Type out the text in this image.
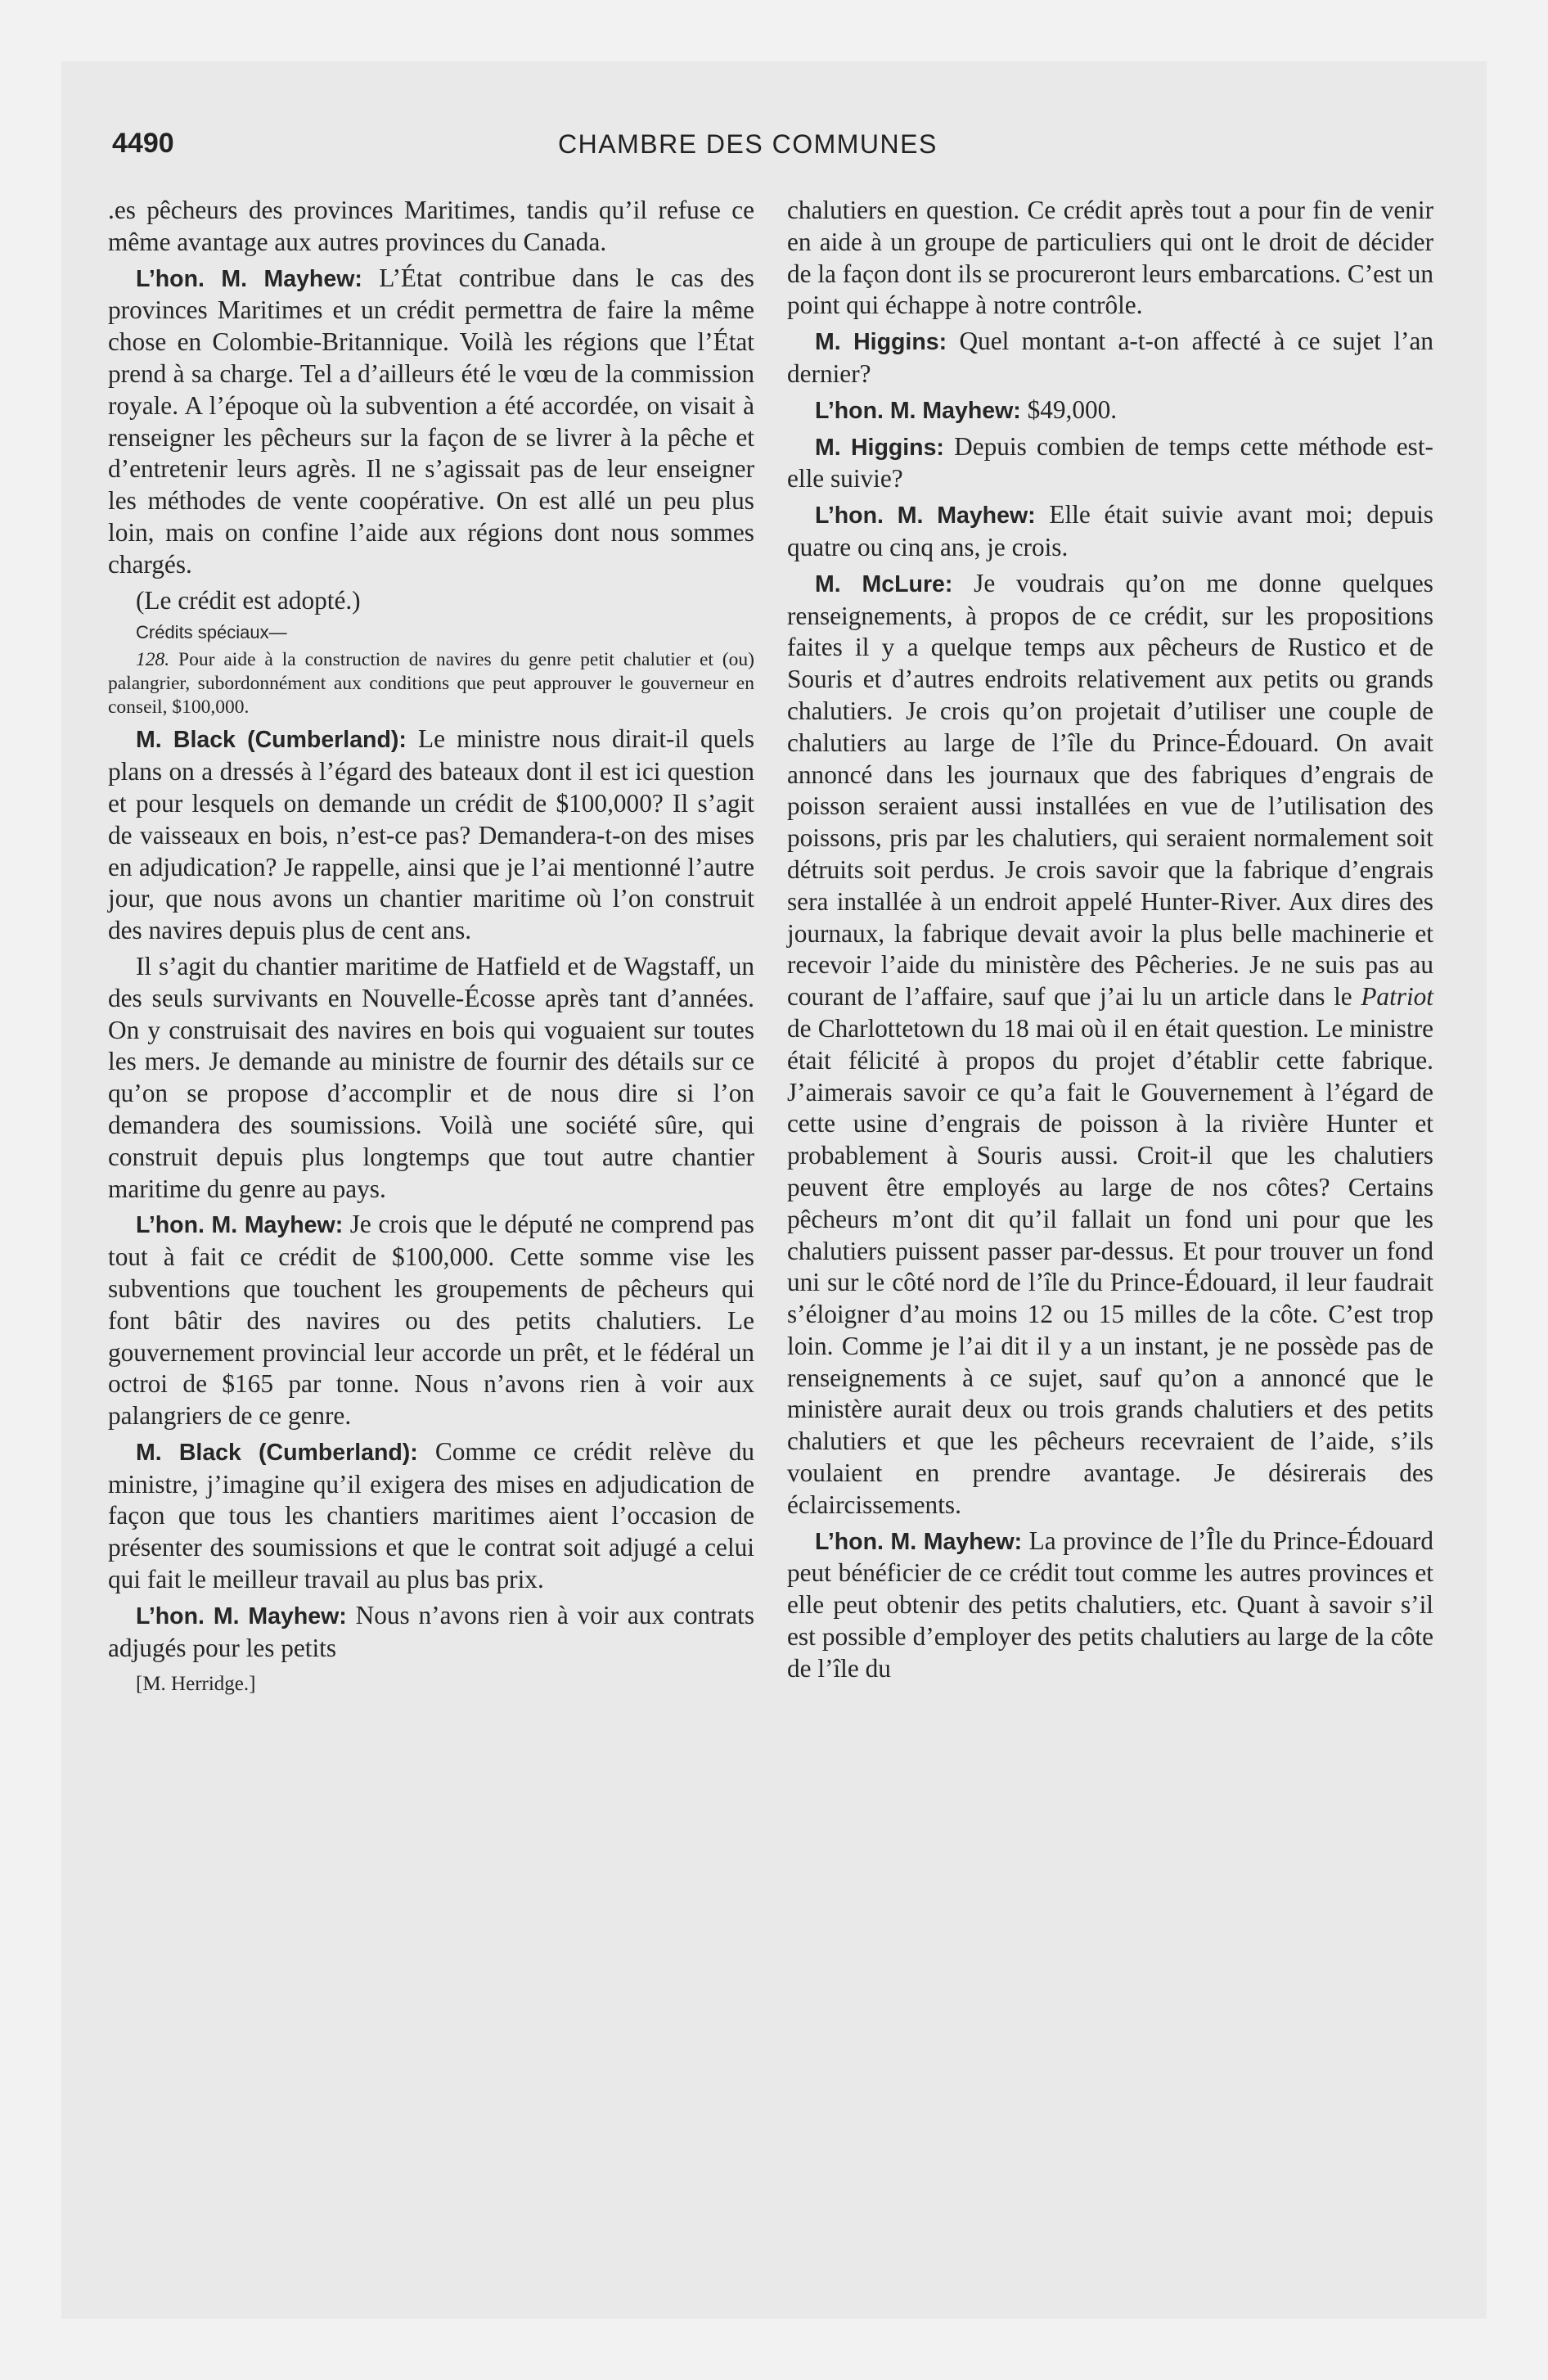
4490	CHAMBRE DES COMMUNES

.es pêcheurs des provinces Maritimes, tandis qu’il refuse ce même avantage aux autres provinces du Canada.

L’hon. M. Mayhew: L’État contribue dans le cas des provinces Maritimes et un crédit permettra de faire la même chose en Colombie-Britannique. Voilà les régions que l’État prend à sa charge. Tel a d’ailleurs été le vœu de la commission royale. A l’époque où la subvention a été accordée, on visait à renseigner les pêcheurs sur la façon de se livrer à la pêche et d’entretenir leurs agrès. Il ne s’agissait pas de leur enseigner les méthodes de vente coopérative. On est allé un peu plus loin, mais on confine l’aide aux régions dont nous sommes chargés.

(Le crédit est adopté.)

Crédits spéciaux—

128. Pour aide à la construction de navires du genre petit chalutier et (ou) palangrier, subordonnément aux conditions que peut approuver le gouverneur en conseil, $100,000.

M. Black (Cumberland): Le ministre nous dirait-il quels plans on a dressés à l’égard des bateaux dont il est ici question et pour lesquels on demande un crédit de $100,000? Il s’agit de vaisseaux en bois, n’est-ce pas? Demandera-t-on des mises en adjudication? Je rappelle, ainsi que je l’ai mentionné l’autre jour, que nous avons un chantier maritime où l’on construit des navires depuis plus de cent ans.

Il s’agit du chantier maritime de Hatfield et de Wagstaff, un des seuls survivants en Nouvelle-Écosse après tant d’années. On y construisait des navires en bois qui voguaient sur toutes les mers. Je demande au ministre de fournir des détails sur ce qu’on se propose d’accomplir et de nous dire si l’on demandera des soumissions. Voilà une société sûre, qui construit depuis plus longtemps que tout autre chantier maritime du genre au pays.

L’hon. M. Mayhew: Je crois que le député ne comprend pas tout à fait ce crédit de $100,000. Cette somme vise les subventions que touchent les groupements de pêcheurs qui font bâtir des navires ou des petits chalutiers. Le gouvernement provincial leur accorde un prêt, et le fédéral un octroi de $165 par tonne. Nous n’avons rien à voir aux palangriers de ce genre.

M. Black (Cumberland): Comme ce crédit relève du ministre, j’imagine qu’il exigera des mises en adjudication de façon que tous les chantiers maritimes aient l’occasion de présenter des soumissions et que le contrat soit adjugé a celui qui fait le meilleur travail au plus bas prix.

L’hon. M. Mayhew: Nous n’avons rien à voir aux contrats adjugés pour les petits

[M. Herridge.]

chalutiers en question. Ce crédit après tout a pour fin de venir en aide à un groupe de particuliers qui ont le droit de décider de la façon dont ils se procureront leurs embarcations. C’est un point qui échappe à notre contrôle.

M. Higgins: Quel montant a-t-on affecté à ce sujet l’an dernier?

L’hon. M. Mayhew: $49,000.

M. Higgins: Depuis combien de temps cette méthode est-elle suivie?

L’hon. M. Mayhew: Elle était suivie avant moi; depuis quatre ou cinq ans, je crois.

M. McLure: Je voudrais qu’on me donne quelques renseignements, à propos de ce crédit, sur les propositions faites il y a quelque temps aux pêcheurs de Rustico et de Souris et d’autres endroits relativement aux petits ou grands chalutiers. Je crois qu’on projetait d’utiliser une couple de chalutiers au large de l’île du Prince-Édouard. On avait annoncé dans les journaux que des fabriques d’engrais de poisson seraient aussi installées en vue de l’utilisation des poissons, pris par les chalutiers, qui seraient normalement soit détruits soit perdus. Je crois savoir que la fabrique d’engrais sera installée à un endroit appelé Hunter-River. Aux dires des journaux, la fabrique devait avoir la plus belle machinerie et recevoir l’aide du ministère des Pêcheries. Je ne suis pas au courant de l’affaire, sauf que j’ai lu un article dans le Patriot de Charlottetown du 18 mai où il en était question. Le ministre était félicité à propos du projet d’établir cette fabrique. J’aimerais savoir ce qu’a fait le Gouvernement à l’égard de cette usine d’engrais de poisson à la rivière Hunter et probablement à Souris aussi. Croit-il que les chalutiers peuvent être employés au large de nos côtes? Certains pêcheurs m’ont dit qu’il fallait un fond uni pour que les chalutiers puissent passer par-dessus. Et pour trouver un fond uni sur le côté nord de l’île du Prince-Édouard, il leur faudrait s’éloigner d’au moins 12 ou 15 milles de la côte. C’est trop loin. Comme je l’ai dit il y a un instant, je ne possède pas de renseignements à ce sujet, sauf qu’on a annoncé que le ministère aurait deux ou trois grands chalutiers et des petits chalutiers et que les pêcheurs recevraient de l’aide, s’ils voulaient en prendre avantage. Je désirerais des éclaircissements.

L’hon. M. Mayhew: La province de l’Île du Prince-Édouard peut bénéficier de ce crédit tout comme les autres provinces et elle peut obtenir des petits chalutiers, etc. Quant à savoir s’il est possible d’employer des petits chalutiers au large de la côte de l’île du
